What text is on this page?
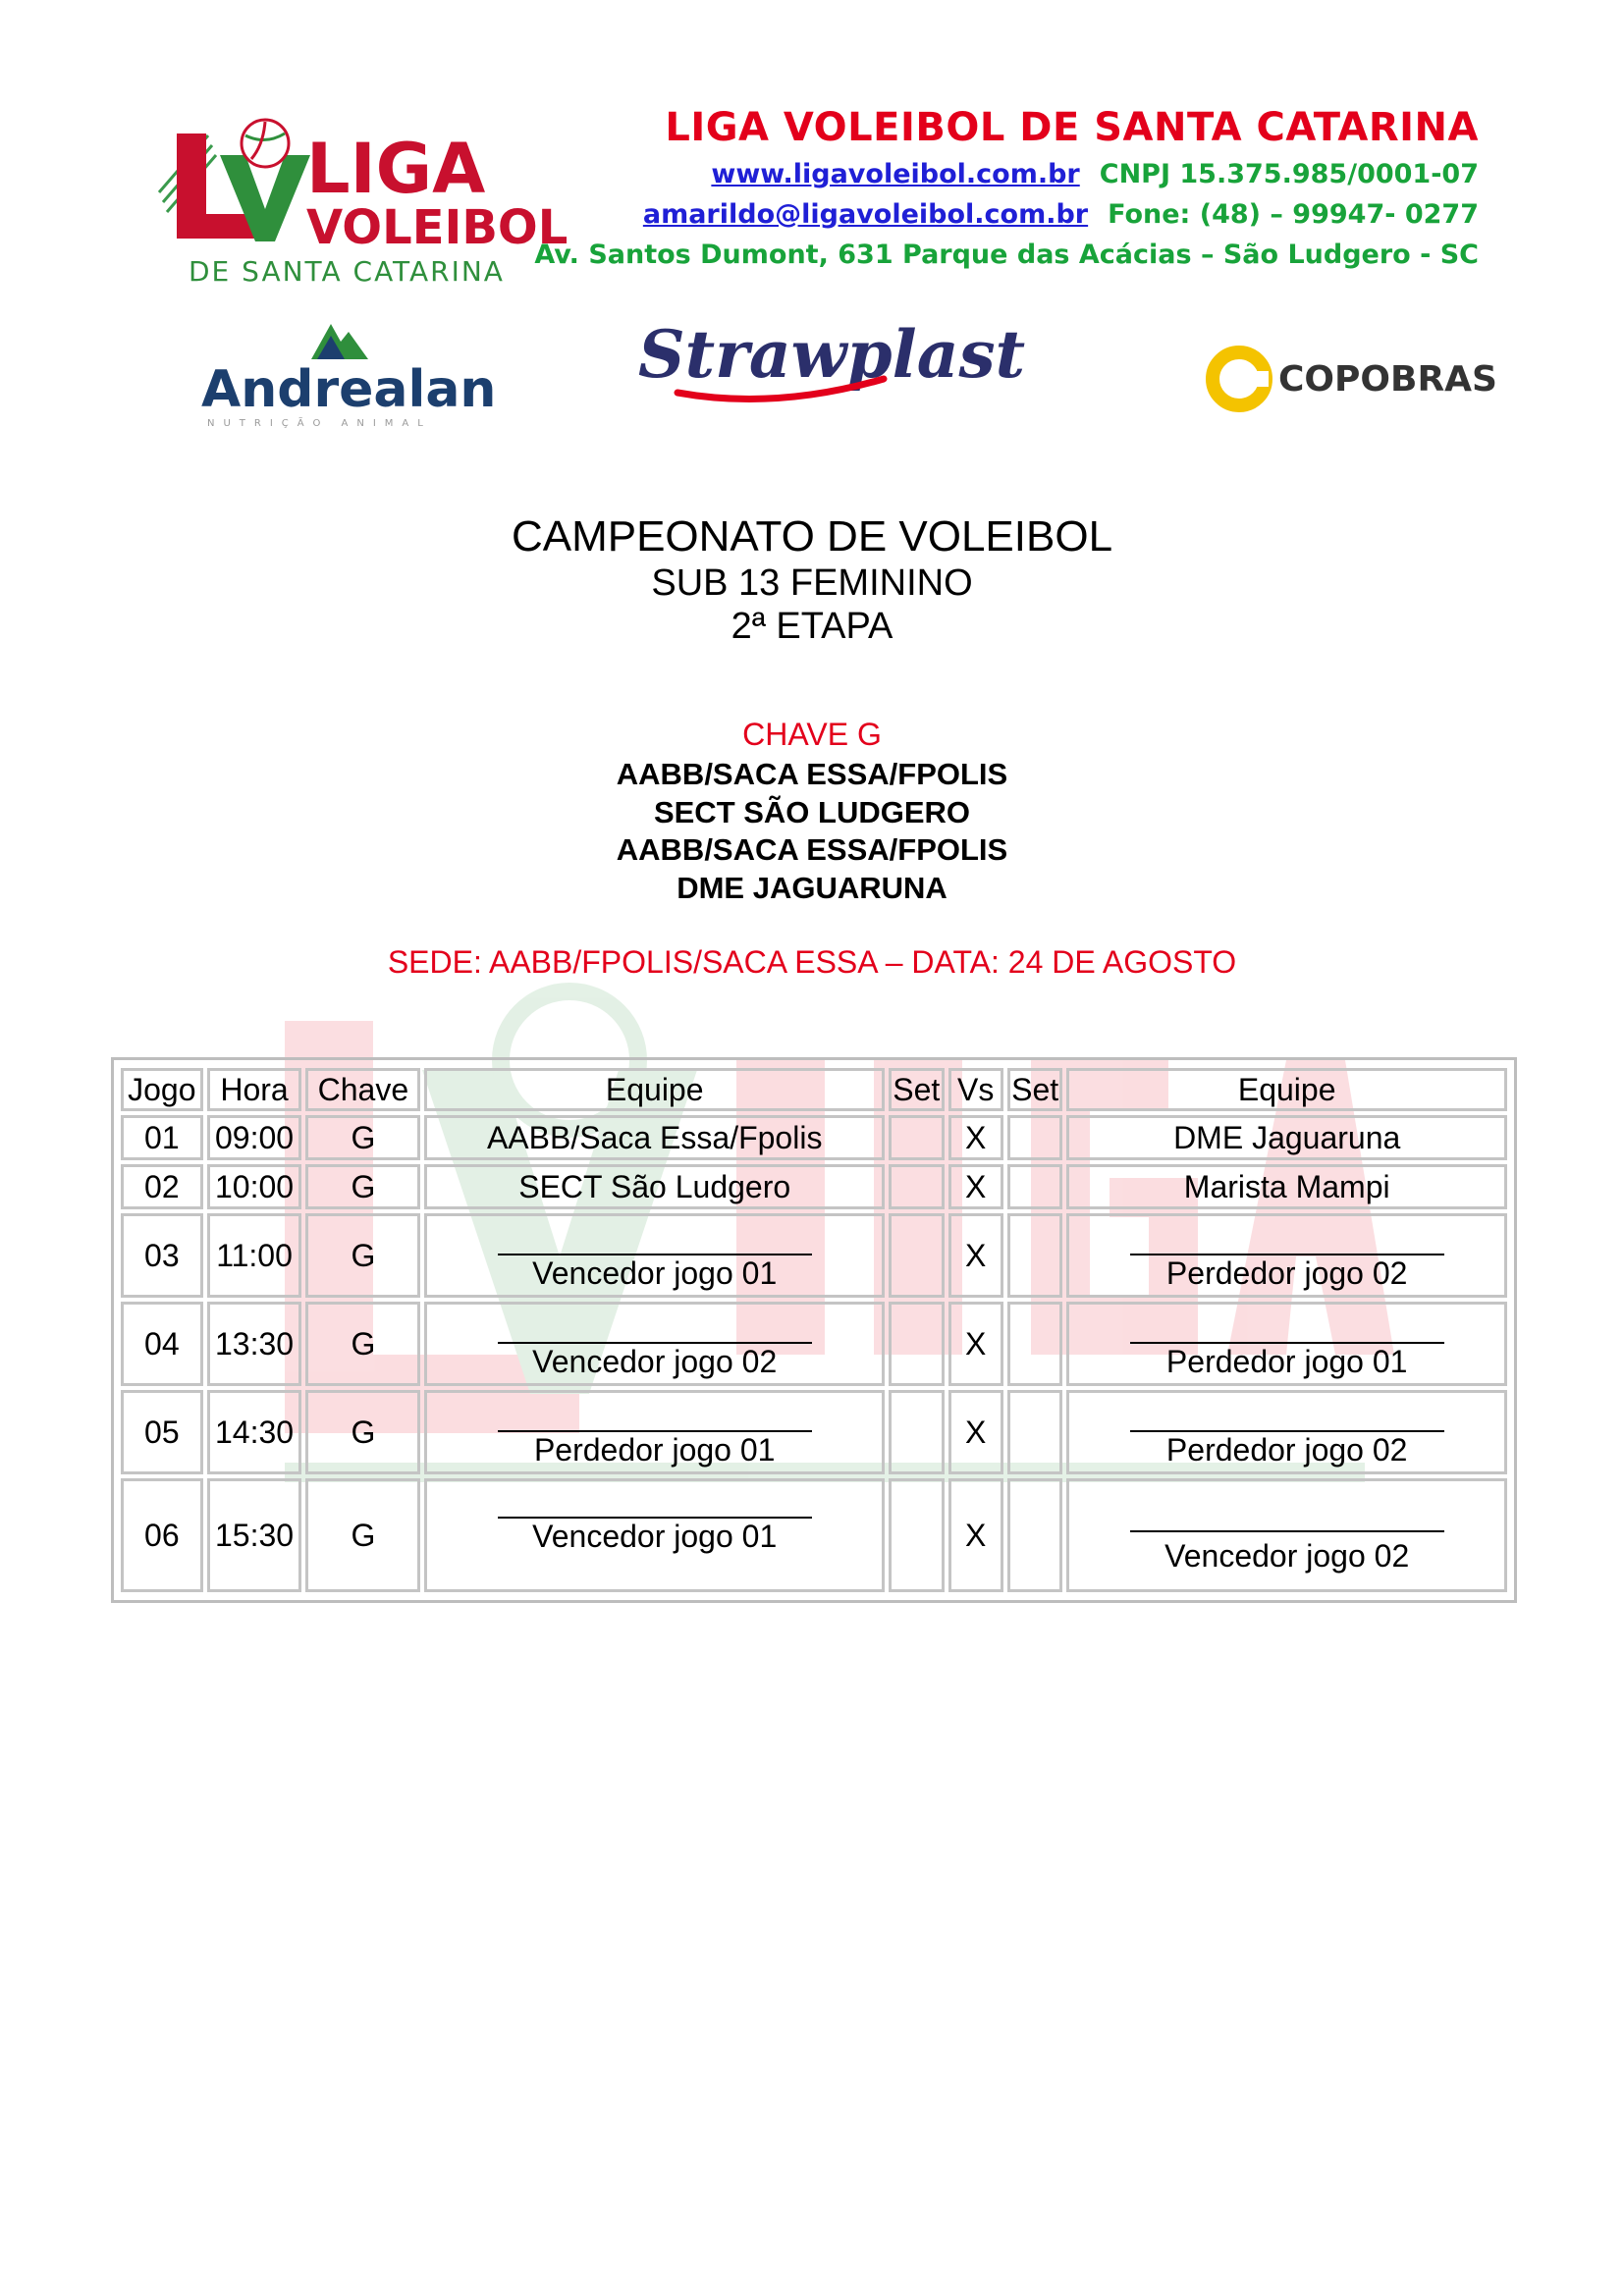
LIGA
VOLEIBOL
DE SANTA CATARINA
LIGA VOLEIBOL DE SANTA CATARINA
www.ligavoleibol.com.br CNPJ 15.375.985/0001-07
amarildo@ligavoleibol.com.br Fone: (48) – 99947- 0277
Av. Santos Dumont, 631 Parque das Acácias – São Ludgero - SC
Andrealan
NUTRIÇÃO ANIMAL
Strawplast	COPOBRAS
CAMPEONATO DE VOLEIBOL
SUB 13 FEMININO
2ª ETAPA
CHAVE G
AABB/SACA ESSA/FPOLIS
SECT SÃO LUDGERO
AABB/SACA ESSA/FPOLIS
DME JAGUARUNA
SEDE: AABB/FPOLIS/SACA ESSA – DATA: 24 DE AGOSTO
Jogo	Hora	Chave	Equipe	Set	Vs	Set	Equipe
01	09:00	G	AABB/Saca Essa/Fpolis		X		DME Jaguaruna
02	10:00	G	SECT São Ludgero		X		Marista Mampi
03	11:00	G	Vencedor jogo 01		X		Perdedor jogo 02

04	13:30	G	Vencedor jogo 02		X		Perdedor jogo 01

05	14:30	G	Perdedor jogo 01		X		Perdedor jogo 02

06	15:30	G	Vencedor jogo 01		X		Vencedor jogo 02
